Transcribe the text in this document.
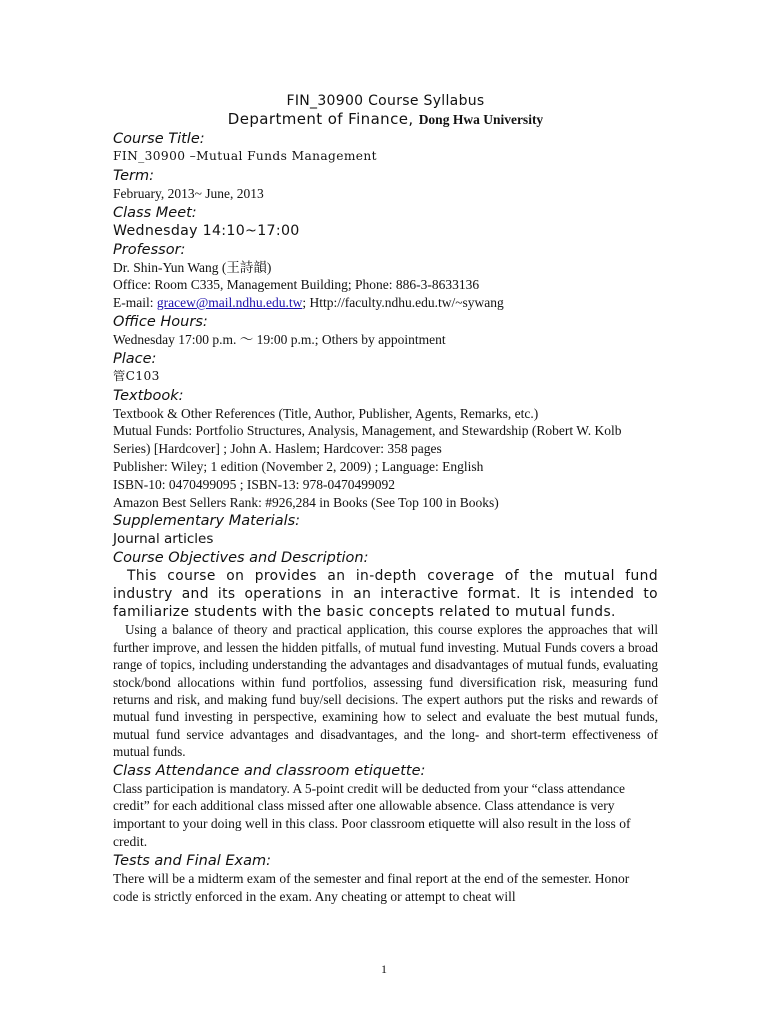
FIN_30900 Course Syllabus
Department of Finance, Dong Hwa University
Course Title:
FIN_30900 –Mutual Funds Management
Term:
February, 2013~ June, 2013
Class Meet:
Wednesday 14:10~17:00
Professor:
Dr. Shin-Yun Wang (王詩韻)
Office: Room C335, Management Building; Phone: 886-3-8633136
E-mail: gracew@mail.ndhu.edu.tw; Http://faculty.ndhu.edu.tw/~sywang
Office Hours:
Wednesday 17:00 p.m. ～ 19:00 p.m.; Others by appointment
Place:
管C103
Textbook:
Textbook & Other References (Title, Author, Publisher, Agents, Remarks, etc.)
Mutual Funds: Portfolio Structures, Analysis, Management, and Stewardship (Robert W. Kolb Series) [Hardcover] ; John A. Haslem; Hardcover: 358 pages
Publisher: Wiley; 1 edition (November 2, 2009) ; Language: English
ISBN-10: 0470499095 ; ISBN-13: 978-0470499092
Amazon Best Sellers Rank: #926,284 in Books (See Top 100 in Books)
Supplementary Materials:
Journal articles
Course Objectives and Description:
This course on provides an in-depth coverage of the mutual fund industry and its operations in an interactive format. It is intended to familiarize students with the basic concepts related to mutual funds.
Using a balance of theory and practical application, this course explores the approaches that will further improve, and lessen the hidden pitfalls, of mutual fund investing. Mutual Funds covers a broad range of topics, including understanding the advantages and disadvantages of mutual funds, evaluating stock/bond allocations within fund portfolios, assessing fund diversification risk, measuring fund returns and risk, and making fund buy/sell decisions. The expert authors put the risks and rewards of mutual fund investing in perspective, examining how to select and evaluate the best mutual funds, mutual fund service advantages and disadvantages, and the long- and short-term effectiveness of mutual funds.
Class Attendance and classroom etiquette:
Class participation is mandatory. A 5-point credit will be deducted from your “class attendance credit” for each additional class missed after one allowable absence. Class attendance is very important to your doing well in this class. Poor classroom etiquette will also result in the loss of credit.
Tests and Final Exam:
There will be a midterm exam of the semester and final report at the end of the semester. Honor code is strictly enforced in the exam. Any cheating or attempt to cheat will
1
